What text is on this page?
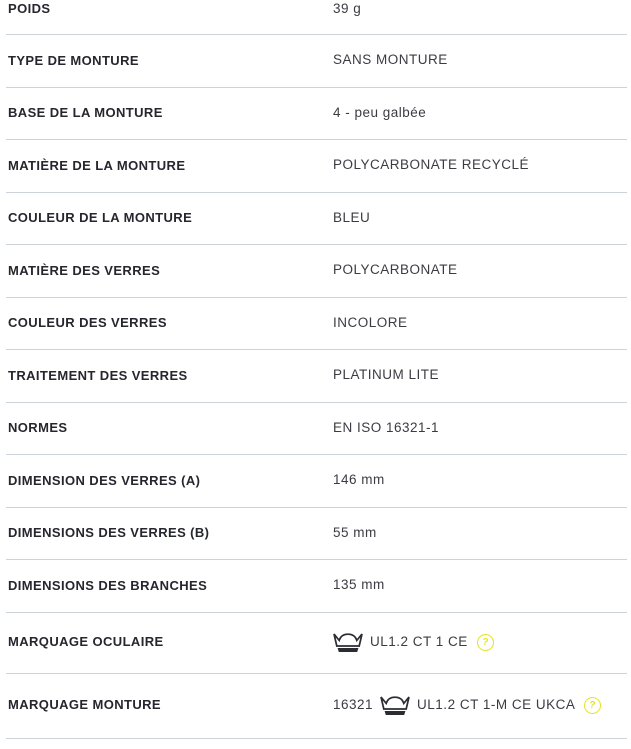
POIDS	39 g
TYPE DE MONTURE	SANS MONTURE
BASE DE LA MONTURE	4 - peu galbée
MATIÈRE DE LA MONTURE	POLYCARBONATE RECYCLÉ
COULEUR DE LA MONTURE	BLEU
MATIÈRE DES VERRES	POLYCARBONATE
COULEUR DES VERRES	INCOLORE
TRAITEMENT DES VERRES	PLATINUM LITE
NORMES	EN ISO 16321-1
DIMENSION DES VERRES (A)	146 mm
DIMENSIONS DES VERRES (B)	55 mm
DIMENSIONS DES BRANCHES	135 mm
MARQUAGE OCULAIRE	UL1.2 CT 1 CE	?
MARQUAGE MONTURE	16321	UL1.2 CT 1-M CE UKCA	?
